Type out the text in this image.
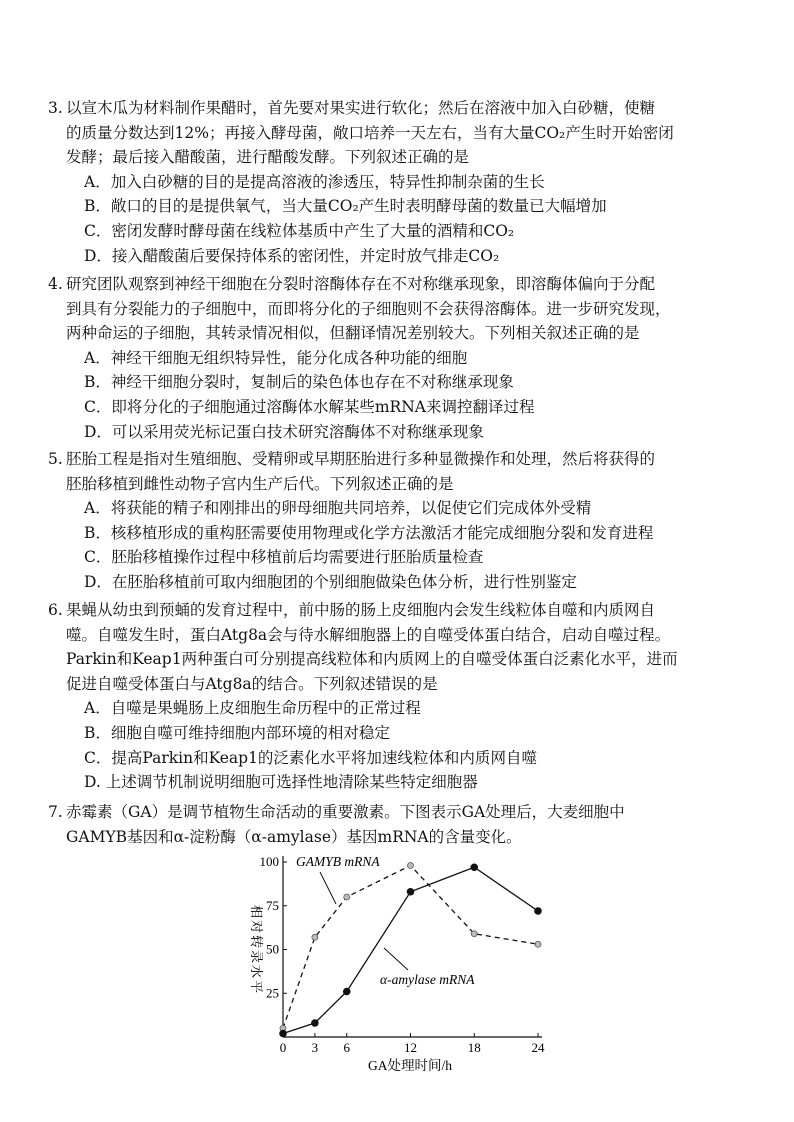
3. 以宣木瓜为材料制作果醋时，首先要对果实进行软化；然后在溶液中加入白砂糖，使糖
的质量分数达到12%；再接入酵母菌，敞口培养一天左右，当有大量CO₂产生时开始密闭
发酵；最后接入醋酸菌，进行醋酸发酵。下列叙述正确的是

A．加入白砂糖的目的是提高溶液的渗透压，特异性抑制杂菌的生长

B．敞口的目的是提供氧气，当大量CO₂产生时表明酵母菌的数量已大幅增加

C．密闭发酵时酵母菌在线粒体基质中产生了大量的酒精和CO₂

D．接入醋酸菌后要保持体系的密闭性，并定时放气排走CO₂

4. 研究团队观察到神经干细胞在分裂时溶酶体存在不对称继承现象，即溶酶体偏向于分配
到具有分裂能力的子细胞中，而即将分化的子细胞则不会获得溶酶体。进一步研究发现，
两种命运的子细胞，其转录情况相似，但翻译情况差别较大。下列相关叙述正确的是

A．神经干细胞无组织特异性，能分化成各种功能的细胞

B．神经干细胞分裂时，复制后的染色体也存在不对称继承现象

C．即将分化的子细胞通过溶酶体水解某些mRNA来调控翻译过程

D．可以采用荧光标记蛋白技术研究溶酶体不对称继承现象

5. 胚胎工程是指对生殖细胞、受精卵或早期胚胎进行多种显微操作和处理，然后将获得的
胚胎移植到雌性动物子宫内生产后代。下列叙述正确的是

A．将获能的精子和刚排出的卵母细胞共同培养，以促使它们完成体外受精

B．核移植形成的重构胚需要使用物理或化学方法激活才能完成细胞分裂和发育进程

C．胚胎移植操作过程中移植前后均需要进行胚胎质量检查

D．在胚胎移植前可取内细胞团的个别细胞做染色体分析，进行性别鉴定

6. 果蝇从幼虫到预蛹的发育过程中，前中肠的肠上皮细胞内会发生线粒体自噬和内质网自
噬。自噬发生时，蛋白Atg8a会与待水解细胞器上的自噬受体蛋白结合，启动自噬过程。
Parkin和Keap1两种蛋白可分别提高线粒体和内质网上的自噬受体蛋白泛素化水平，进而
促进自噬受体蛋白与Atg8a的结合。下列叙述错误的是

A．自噬是果蝇肠上皮细胞生命历程中的正常过程

B．细胞自噬可维持细胞内部环境的相对稳定

C．提高Parkin和Keap1的泛素化水平将加速线粒体和内质网自噬

D. 上述调节机制说明细胞可选择性地清除某些特定细胞器

7. 赤霉素（GA）是调节植物生命活动的重要激素。下图表示GA处理后，大麦细胞中
GAMYB基因和α-淀粉酶（α-amylase）基因mRNA的含量变化。

0 3 6	12	18	24
25
50
75
100 GAMYB mRNA
α-amylase mRNA
相对转录水平
GA处理时间/h
